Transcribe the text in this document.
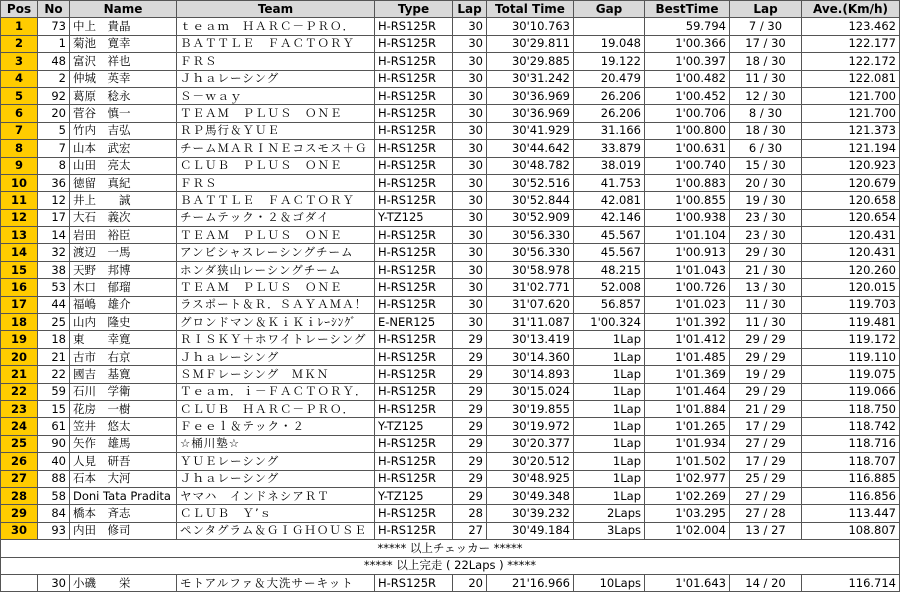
Pos	No	Name	Team	Type	Lap	Total Time	Gap	BestTime	Lap	Ave.(Km/h)
1	73	中上　貴晶	ｔｅａｍ　ＨＡＲＣ－ＰＲＯ．	H-RS125R	30	30'10.763		59.794	7 / 30	123.462
2	1	菊池　寛幸	ＢＡＴＴＬＥ　ＦＡＣＴＯＲＹ	H-RS125R	30	30'29.811	19.048	1'00.366	17 / 30	122.177
3	48	富沢　祥也	ＦＲＳ	H-RS125R	30	30'29.885	19.122	1'00.397	18 / 30	122.172
4	2	仲城　英幸	Ｊｈａレーシング	H-RS125R	30	30'31.242	20.479	1'00.482	11 / 30	122.081
5	92	葛原　稔永	Ｓ－ｗａｙ	H-RS125R	30	30'36.969	26.206	1'00.452	12 / 30	121.700
6	20	菅谷　慎一	ＴＥＡＭ　ＰＬＵＳ　ＯＮＥ	H-RS125R	30	30'36.969	26.206	1'00.706	8 / 30	121.700
7	5	竹内　吉弘	ＲＰ馬行＆ＹＵＥ	H-RS125R	30	30'41.929	31.166	1'00.800	18 / 30	121.373
8	7	山本　武宏	チームＭＡＲＩＮＥコスモス＋Ｇ	H-RS125R	30	30'44.642	33.879	1'00.631	6 / 30	121.194
9	8	山田　亮太	ＣＬＵＢ　ＰＬＵＳ　ＯＮＥ	H-RS125R	30	30'48.782	38.019	1'00.740	15 / 30	120.923
10	36	徳留　真紀	ＦＲＳ	H-RS125R	30	30'52.516	41.753	1'00.883	20 / 30	120.679
11	12	井上　　誠	ＢＡＴＴＬＥ　ＦＡＣＴＯＲＹ	H-RS125R	30	30'52.844	42.081	1'00.855	19 / 30	120.658
12	17	大石　義次	チームテック・２＆ゴダイ	Y-TZ125	30	30'52.909	42.146	1'00.938	23 / 30	120.654
13	14	岩田　裕臣	ＴＥＡＭ　ＰＬＵＳ　ＯＮＥ	H-RS125R	30	30'56.330	45.567	1'01.104	23 / 30	120.431
14	32	渡辺　一馬	アンビシャスレーシングチーム	H-RS125R	30	30'56.330	45.567	1'00.913	29 / 30	120.431
15	38	天野　邦博	ホンダ狭山レーシングチーム	H-RS125R	30	30'58.978	48.215	1'01.043	21 / 30	120.260
16	53	木口　郁瑠	ＴＥＡＭ　ＰＬＵＳ　ＯＮＥ	H-RS125R	30	31'02.771	52.008	1'00.726	13 / 30	120.015
17	44	福嶋　雄介	ラスポート＆Ｒ．ＳＡＹＡＭＡ！	H-RS125R	30	31'07.620	56.857	1'01.023	11 / 30	119.703
18	25	山内　隆史	グロンドマン＆ＫｉＫｉﾚｰｼﾝｸﾞ	E-NER125	30	31'11.087	1'00.324	1'01.392	11 / 30	119.481
19	18	東　　幸寛	ＲＩＳＫＹ＋ホワイトレーシング	H-RS125R	29	30'13.419	1Lap	1'01.412	29 / 29	119.172
20	21	古市　右京	Ｊｈａレーシング	H-RS125R	29	30'14.360	1Lap	1'01.485	29 / 29	119.110
21	22	國吉　基寛	ＳＭＦレーシング　ＭＫＮ	H-RS125R	29	30'14.893	1Lap	1'01.369	19 / 29	119.075
22	59	石川　学衛	Ｔｅａｍ．ｉ－ＦＡＣＴＯＲＹ．	H-RS125R	29	30'15.024	1Lap	1'01.464	29 / 29	119.066
23	15	花房　一樹	ＣＬＵＢ　ＨＡＲＣ－ＰＲＯ．	H-RS125R	29	30'19.855	1Lap	1'01.884	21 / 29	118.750
24	61	笠井　悠太	Ｆｅｅｌ＆テック・２	Y-TZ125	29	30'19.972	1Lap	1'01.265	17 / 29	118.742
25	90	矢作　雄馬	☆桶川塾☆	H-RS125R	29	30'20.377	1Lap	1'01.934	27 / 29	118.716
26	40	人見　研吾	ＹＵＥレーシング	H-RS125R	29	30'20.512	1Lap	1'01.502	17 / 29	118.707
27	88	石本　大河	Ｊｈａレーシング	H-RS125R	29	30'48.925	1Lap	1'02.977	25 / 29	116.885
28	58	Doni Tata Pradita	ヤマハ　インドネシアＲＴ	Y-TZ125	29	30'49.348	1Lap	1'02.269	27 / 29	116.856
29	84	橋本　斉志	ＣＬＵＢ　Ｙ’ｓ	H-RS125R	28	30'39.232	2Laps	1'03.295	27 / 28	113.447
30	93	内田　修司	ペンタグラム＆ＧＩＧＨＯＵＳＥ	H-RS125R	27	30'49.184	3Laps	1'02.004	13 / 27	108.807
***** 以上チェッカー *****										
***** 以上完走 ( 22Laps ) *****										
	30	小磯　　栄	モトアルファ＆大洗サーキット	H-RS125R	20	21'16.966	10Laps	1'01.643	14 / 20	116.714
